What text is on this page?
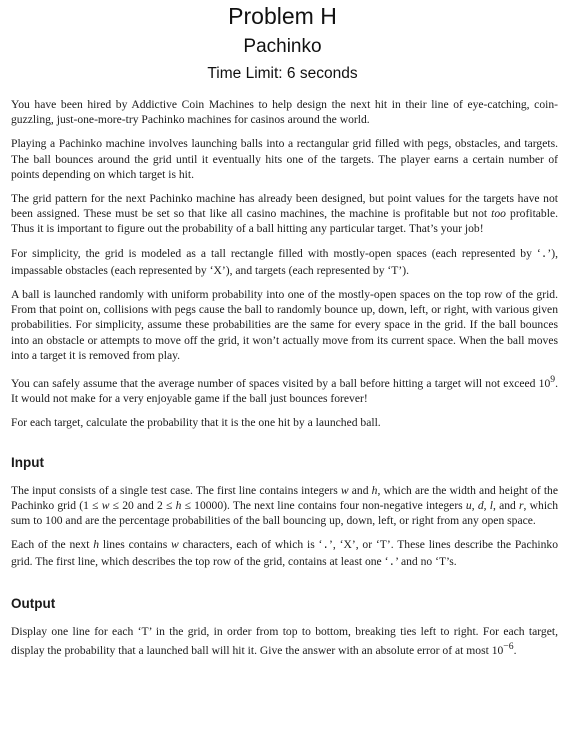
Problem H
Pachinko
Time Limit: 6 seconds

You have been hired by Addictive Coin Machines to help design the next hit in their line of eye-catching, coin-guzzling, just-one-more-try Pachinko machines for casinos around the world.

Playing a Pachinko machine involves launching balls into a rectangular grid filled with pegs, obstacles, and targets. The ball bounces around the grid until it eventually hits one of the targets. The player earns a certain number of points depending on which target is hit.

The grid pattern for the next Pachinko machine has already been designed, but point values for the targets have not been assigned. These must be set so that like all casino machines, the machine is profitable but not too profitable. Thus it is important to figure out the probability of a ball hitting any particular target. That’s your job!

For simplicity, the grid is modeled as a tall rectangle filled with mostly-open spaces (each represented by ‘.’), impassable obstacles (each represented by ‘X’), and targets (each represented by ‘T’).

A ball is launched randomly with uniform probability into one of the mostly-open spaces on the top row of the grid. From that point on, collisions with pegs cause the ball to randomly bounce up, down, left, or right, with various given probabilities. For simplicity, assume these probabilities are the same for every space in the grid. If the ball bounces into an obstacle or attempts to move off the grid, it won’t actually move from its current space. When the ball moves into a target it is removed from play.

You can safely assume that the average number of spaces visited by a ball before hitting a target will not exceed $10^9$. It would not make for a very enjoyable game if the ball just bounces forever!

For each target, calculate the probability that it is the one hit by a launched ball.

Input

The input consists of a single test case. The first line contains integers w and h, which are the width and height of the Pachinko grid (1 ≤ w ≤ 20 and 2 ≤ h ≤ 10000). The next line contains four non-negative integers u, d, l, and r, which sum to 100 and are the percentage probabilities of the ball bouncing up, down, left, or right from any open space.

Each of the next h lines contains w characters, each of which is ‘.’, ‘X’, or ‘T’. These lines describe the Pachinko grid. The first line, which describes the top row of the grid, contains at least one ‘.’ and no ‘T’s.

Output

Display one line for each ‘T’ in the grid, in order from top to bottom, breaking ties left to right. For each target, display the probability that a launched ball will hit it. Give the answer with an absolute error of at most $10^{-6}$.
